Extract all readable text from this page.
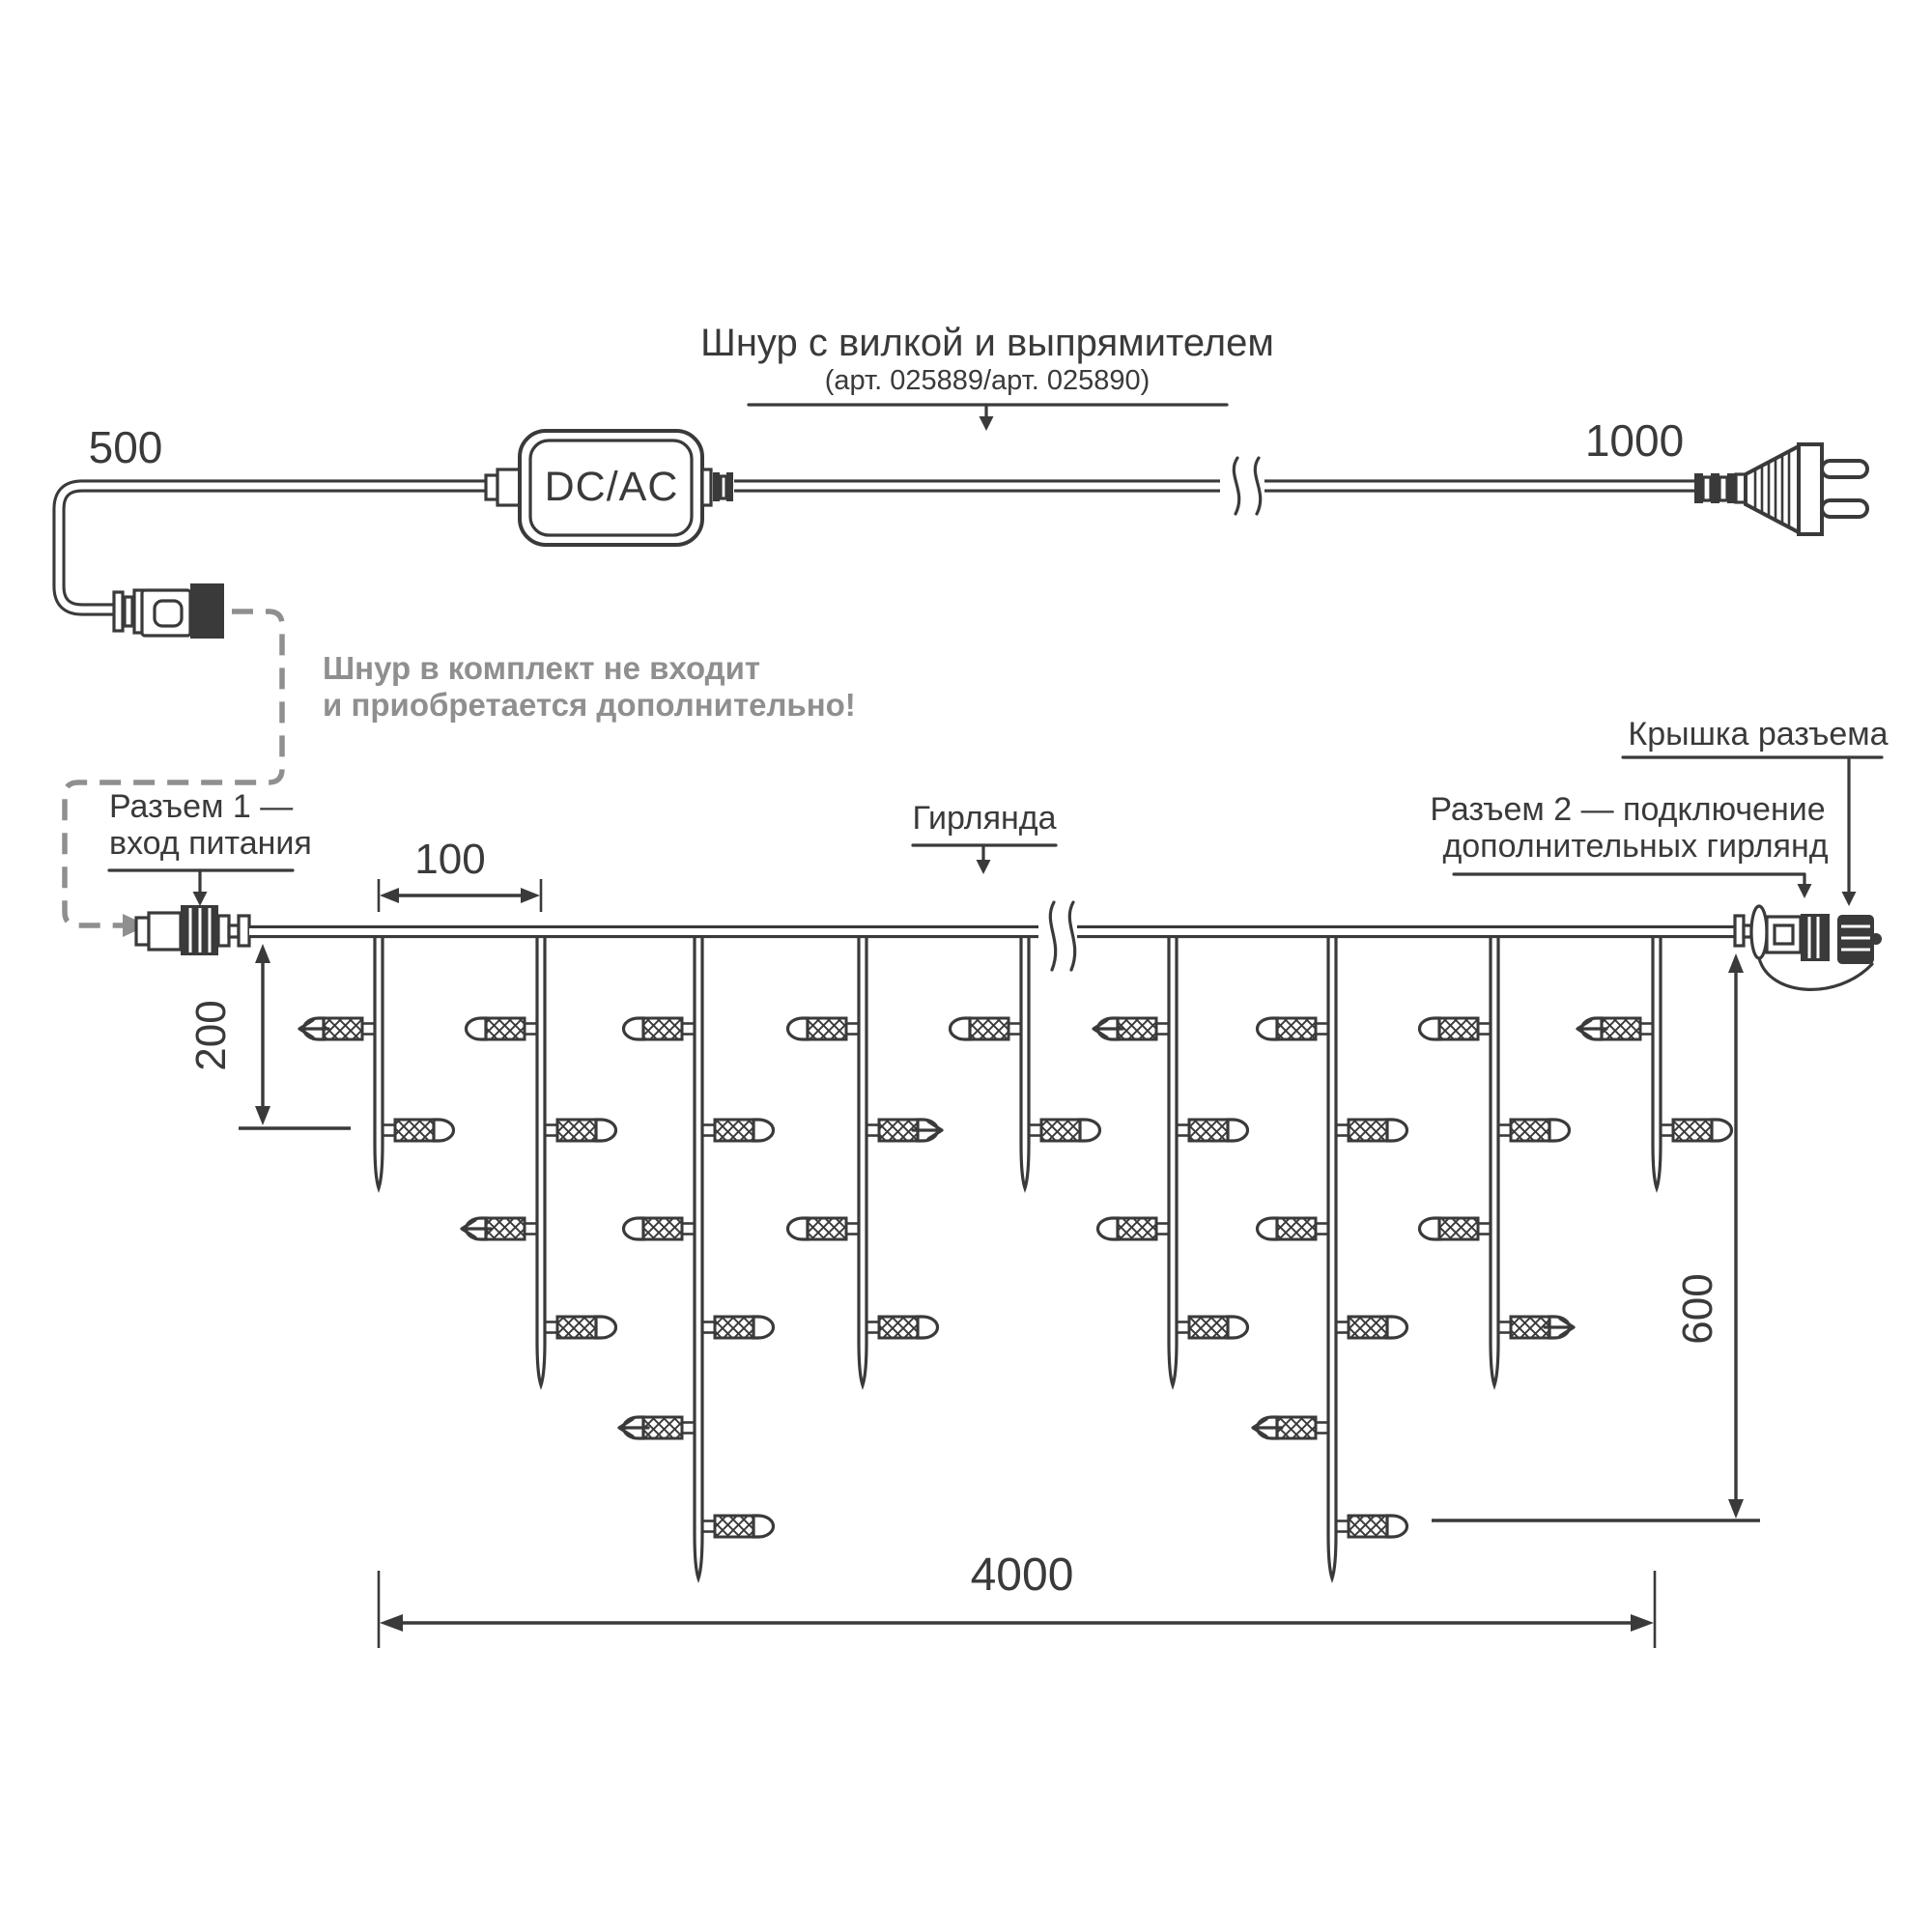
500
DC/AC
1000
Шнур с вилкой и выпрямителем
(арт. 025889/арт. 025890)
Шнур в комплект не входит
и приобретается дополнительно!
Разъем 1 —
вход питания
Гирлянда	Разъем 2 — подключение
дополнительных гирлянд
Крышка разъема
100
200
600
4000
